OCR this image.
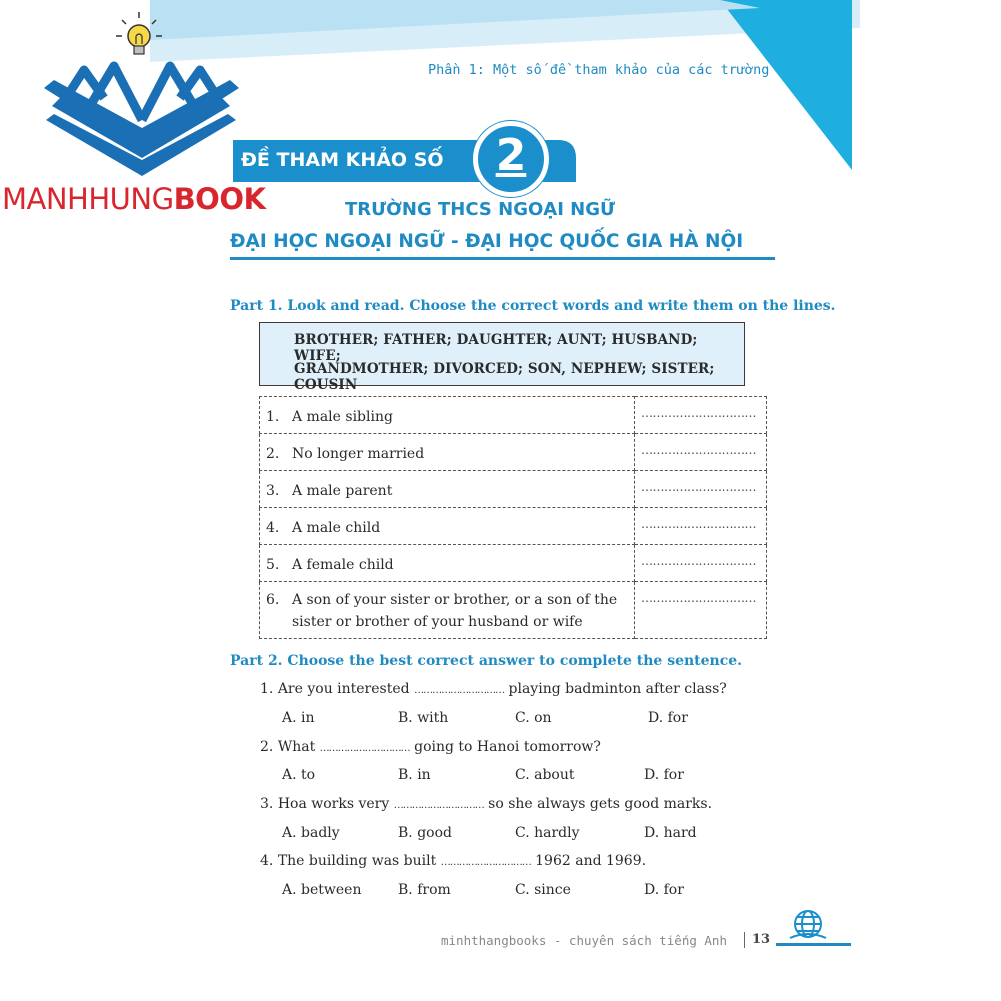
MANHHUNGBOOK
Phần 1: Một số đề tham khảo của các trường
ĐỀ THAM KHẢO SỐ	2
TRƯỜNG THCS NGOẠI NGỮ
ĐẠI HỌC NGOẠI NGỮ - ĐẠI HỌC QUỐC GIA HÀ NỘI
Part 1. Look and read. Choose the correct words and write them on the lines.
BROTHER; FATHER; DAUGHTER; AUNT; HUSBAND; WIFE;
GRANDMOTHER; DIVORCED; SON, NEPHEW; SISTER; COUSIN
1. A male sibling	…………………………

2. No longer married	…………………………

3. A male parent	…………………………

4. A male child	…………………………

5. A female child	…………………………

6. A son of your sister or brother, or a son of the
sister or brother of your husband or wife	…………………………
Part 2. Choose the best correct answer to complete the sentence.
1. Are you interested ………………………… playing badminton after class?
A. in	B. with	C. on	D. for
2. What ………………………… going to Hanoi tomorrow?
A. to	B. in	C. about	D. for
3. Hoa works very ………………………… so she always gets good marks.
A. badly	B. good	C. hardly	D. hard
4. The building was built ………………………… 1962 and 1969.
A. between	B. from	C. since	D. for
minhthangbooks - chuyên sách tiếng Anh 13
